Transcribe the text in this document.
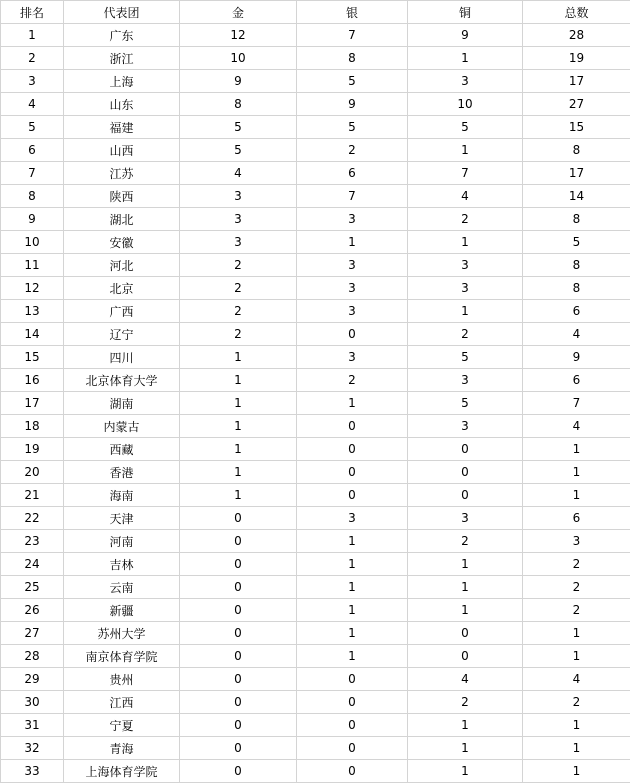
排名	代表团	金	银	铜	总数
1	广东	12	7	9	28
2	浙江	10	8	1	19
3	上海	9	5	3	17
4	山东	8	9	10	27
5	福建	5	5	5	15
6	山西	5	2	1	8
7	江苏	4	6	7	17
8	陕西	3	7	4	14
9	湖北	3	3	2	8
10	安徽	3	1	1	5
11	河北	2	3	3	8
12	北京	2	3	3	8
13	广西	2	3	1	6
14	辽宁	2	0	2	4
15	四川	1	3	5	9
16	北京体育大学	1	2	3	6
17	湖南	1	1	5	7
18	内蒙古	1	0	3	4
19	西藏	1	0	0	1
20	香港	1	0	0	1
21	海南	1	0	0	1
22	天津	0	3	3	6
23	河南	0	1	2	3
24	吉林	0	1	1	2
25	云南	0	1	1	2
26	新疆	0	1	1	2
27	苏州大学	0	1	0	1
28	南京体育学院	0	1	0	1
29	贵州	0	0	4	4
30	江西	0	0	2	2
31	宁夏	0	0	1	1
32	青海	0	0	1	1
33	上海体育学院	0	0	1	1
